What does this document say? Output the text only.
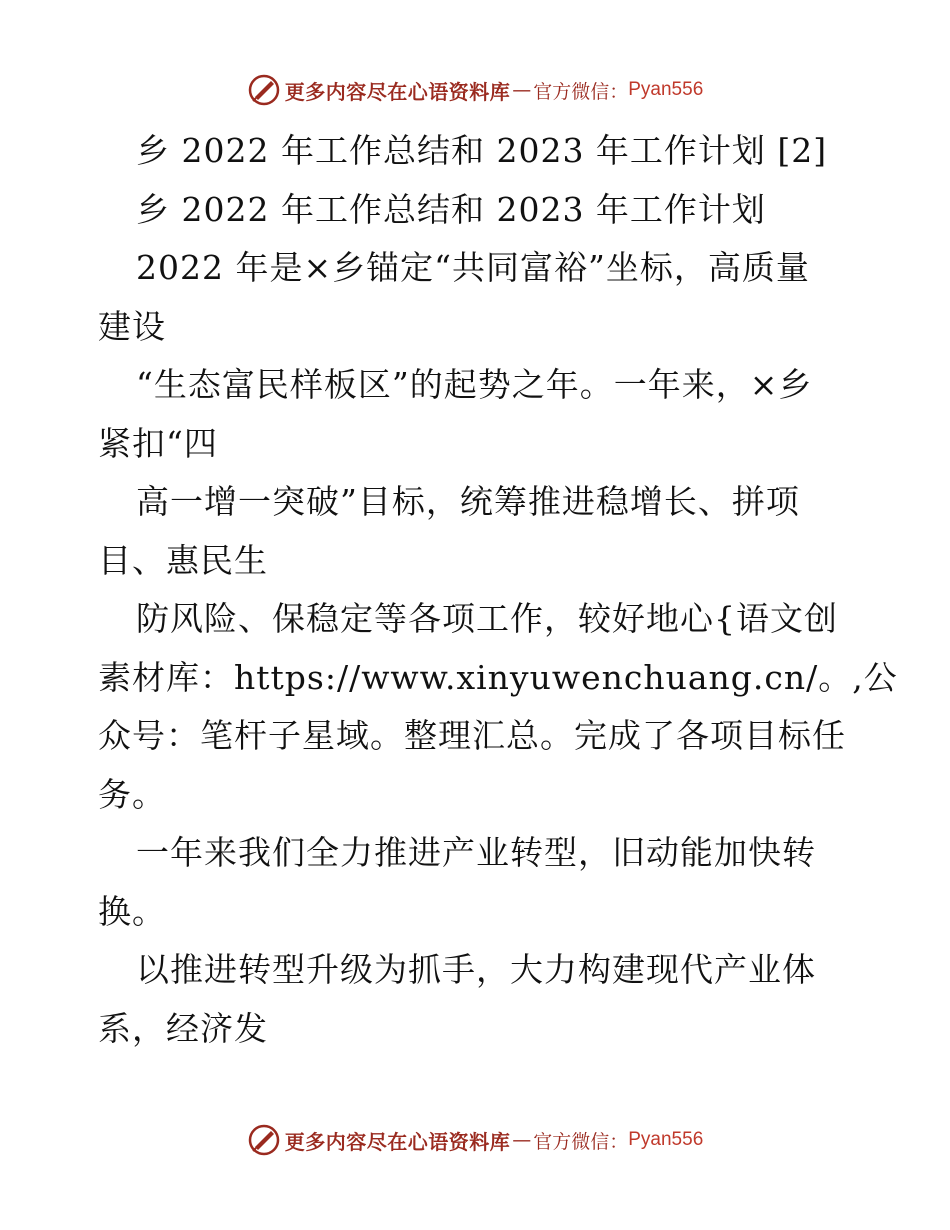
更多内容尽在心语资料库 — 官方微信： Pyan556
乡 2022 年工作总结和 2023 年工作计划 [2]
乡 2022 年工作总结和 2023 年工作计划
2022 年是×乡锚定“共同富裕”坐标，高质量
建设
“生态富民样板区”的起势之年。一年来，×乡
紧扣“四
高一增一突破”目标，统筹推进稳增长、拼项
目、惠民生
防风险、保稳定等各项工作，较好地心{语文创
素材库：https://www.xinyuwenchuang.cn/。,公
众号：笔杆子星域。整理汇总。完成了各项目标任
务。
一年来我们全力推进产业转型，旧动能加快转
换。
以推进转型升级为抓手，大力构建现代产业体
系，经济发
更多内容尽在心语资料库 — 官方微信： Pyan556
